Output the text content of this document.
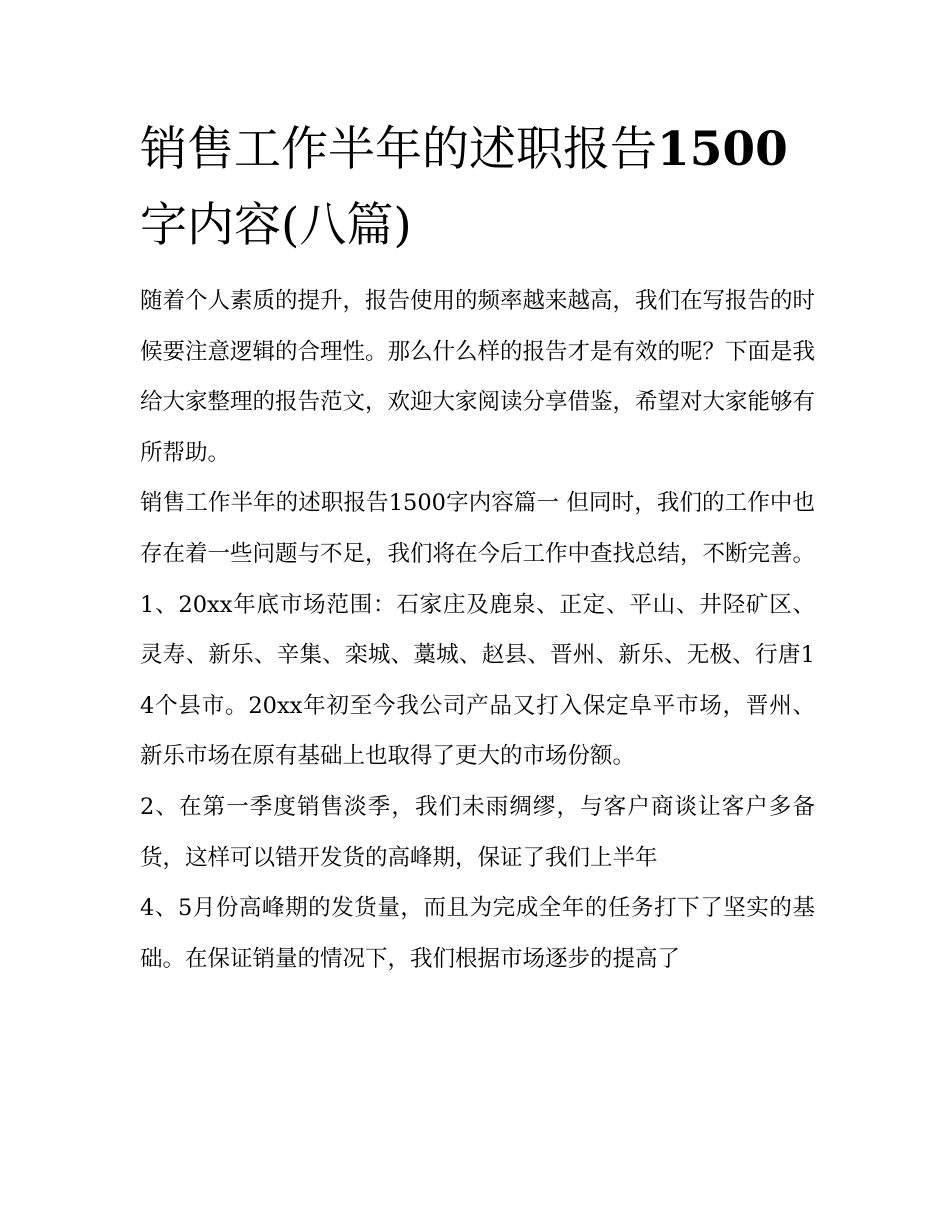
销售工作半年的述职报告1500
字内容(八篇)

随着个人素质的提升，报告使用的频率越来越高，我们在写报告的时候要注意逻辑的合理性。那么什么样的报告才是有效的呢？下面是我给大家整理的报告范文，欢迎大家阅读分享借鉴，希望对大家能够有所帮助。

销售工作半年的述职报告1500字内容篇一 但同时，我们的工作中也存在着一些问题与不足，我们将在今后工作中查找总结，不断完善。

1、20xx年底市场范围：石家庄及鹿泉、正定、平山、井陉矿区、灵寿、新乐、辛集、栾城、藁城、赵县、晋州、新乐、无极、行唐14个县市。20xx年初至今我公司产品又打入保定阜平市场，晋州、新乐市场在原有基础上也取得了更大的市场份额。

2、在第一季度销售淡季，我们未雨绸缪，与客户商谈让客户多备货，这样可以错开发货的高峰期，保证了我们上半年

4、5月份高峰期的发货量，而且为完成全年的任务打下了坚实的基础。在保证销量的情况下，我们根据市场逐步的提高了
